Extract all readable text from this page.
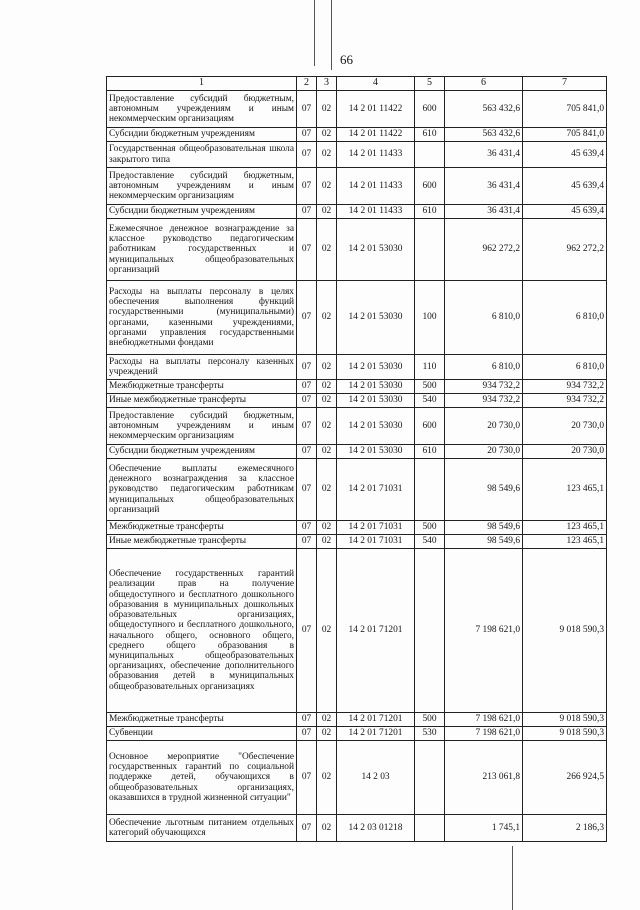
66
1	2	3	4	5	6	7
Предоставление субсидий бюджетным, автономным учреждениям и иным некоммерческим организациям	07	02	14 2 01 11422	600	563 432,6	705 841,0
Субсидии бюджетным учреждениям	07	02	14 2 01 11422	610	563 432,6	705 841,0
Государственная общеобразовательная школа закрытого типа	07	02	14 2 01 11433		36 431,4	45 639,4
Предоставление субсидий бюджетным, автономным учреждениям и иным некоммерческим организациям	07	02	14 2 01 11433	600	36 431,4	45 639,4
Субсидии бюджетным учреждениям	07	02	14 2 01 11433	610	36 431,4	45 639,4
Ежемесячное денежное вознаграждение за классное руководство педагогическим работникам государственных и муниципальных общеобразовательных организаций	07	02	14 2 01 53030		962 272,2	962 272,2
Расходы на выплаты персоналу в целях обеспечения выполнения функций государственными (муниципальными) органами, казенными учреждениями, органами управления государственными внебюджетными фондами	07	02	14 2 01 53030	100	6 810,0	6 810,0
Расходы на выплаты персоналу казенных учреждений	07	02	14 2 01 53030	110	6 810,0	6 810,0
Межбюджетные трансферты	07	02	14 2 01 53030	500	934 732,2	934 732,2
Иные межбюджетные трансферты	07	02	14 2 01 53030	540	934 732,2	934 732,2
Предоставление субсидий бюджетным, автономным учреждениям и иным некоммерческим организациям	07	02	14 2 01 53030	600	20 730,0	20 730,0
Субсидии бюджетным учреждениям	07	02	14 2 01 53030	610	20 730,0	20 730,0
Обеспечение выплаты ежемесячного денежного вознаграждения за классное руководство педагогическим работникам муниципальных общеобразовательных организаций	07	02	14 2 01 71031		98 549,6	123 465,1
Межбюджетные трансферты	07	02	14 2 01 71031	500	98 549,6	123 465,1
Иные межбюджетные трансферты	07	02	14 2 01 71031	540	98 549,6	123 465,1
Обеспечение государственных гарантий реализации прав на получение общедоступного и бесплатного дошкольного образования в муниципальных дошкольных образовательных организациях, общедоступного и бесплатного дошкольного, начального общего, основного общего, среднего общего образования в муниципальных общеобразовательных организациях, обеспечение дополнительного образования детей в муниципальных общеобразовательных организациях	07	02	14 2 01 71201		7 198 621,0	9 018 590,3
Межбюджетные трансферты	07	02	14 2 01 71201	500	7 198 621,0	9 018 590,3
Субвенции	07	02	14 2 01 71201	530	7 198 621,0	9 018 590,3
Основное мероприятие "Обеспечение государственных гарантий по социальной поддержке детей, обучающихся в общеобразовательных организациях, оказавшихся в трудной жизненной ситуации"	07	02	14 2 03		213 061,8	266 924,5
Обеспечение льготным питанием отдельных категорий обучающихся	07	02	14 2 03 01218		1 745,1	2 186,3
